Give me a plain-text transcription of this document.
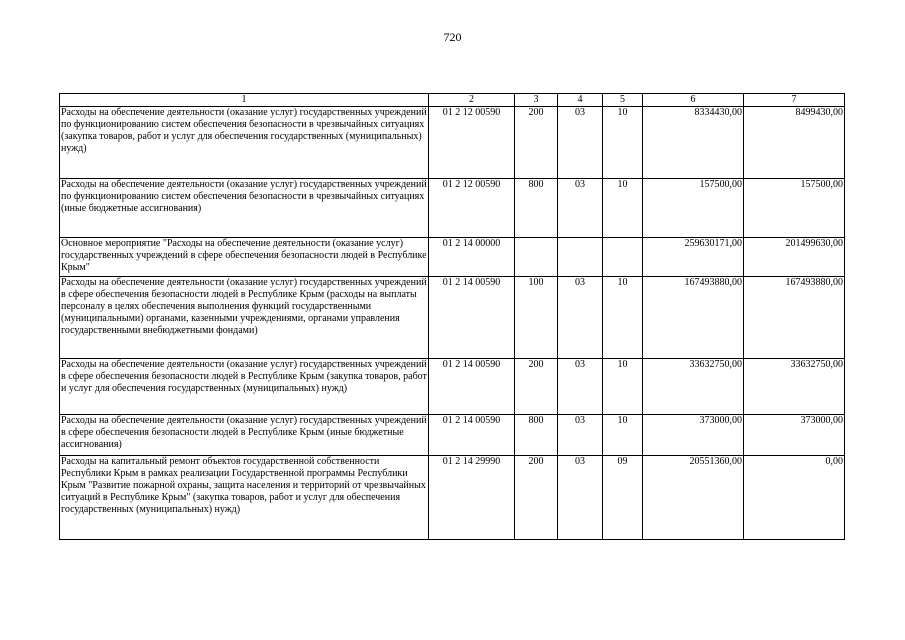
720
1	2	3	4	5	6	7
Расходы на обеспечение деятельности (оказание услуг) государственных учреждений по функционированию систем обеспечения безопасности в чрезвычайных ситуациях (закупка товаров, работ и услуг для обеспечения государственных (муниципальных) нужд)	01 2 12 00590	200	03	10	8334430,00	8499430,00
Расходы на обеспечение деятельности (оказание услуг) государственных учреждений по функционированию систем обеспечения безопасности в чрезвычайных ситуациях (иные бюджетные ассигнования)	01 2 12 00590	800	03	10	157500,00	157500,00
Основное мероприятие "Расходы на обеспечение деятельности (оказание услуг) государственных учреждений в сфере обеспечения безопасности людей в Республике Крым"	01 2 14 00000				259630171,00	201499630,00
Расходы на обеспечение деятельности (оказание услуг) государственных учреждений в сфере обеспечения безопасности людей в Республике Крым (расходы на выплаты персоналу в целях обеспечения выполнения функций государственными (муниципальными) органами, казенными учреждениями, органами управления государственными внебюджетными фондами)	01 2 14 00590	100	03	10	167493880,00	167493880,00
Расходы на обеспечение деятельности (оказание услуг) государственных учреждений в сфере обеспечения безопасности людей в Республике Крым (закупка товаров, работ и услуг для обеспечения государственных (муниципальных) нужд)	01 2 14 00590	200	03	10	33632750,00	33632750,00
Расходы на обеспечение деятельности (оказание услуг) государственных учреждений в сфере обеспечения безопасности людей в Республике Крым (иные бюджетные ассигнования)	01 2 14 00590	800	03	10	373000,00	373000,00
Расходы на капитальный ремонт объектов государственной собственности Республики Крым в рамках реализации Государственной программы Республики Крым "Развитие пожарной охраны, защита населения и территорий от чрезвычайных ситуаций в Республике Крым" (закупка товаров, работ и услуг для обеспечения государственных (муниципальных) нужд)	01 2 14 29990	200	03	09	20551360,00	0,00
